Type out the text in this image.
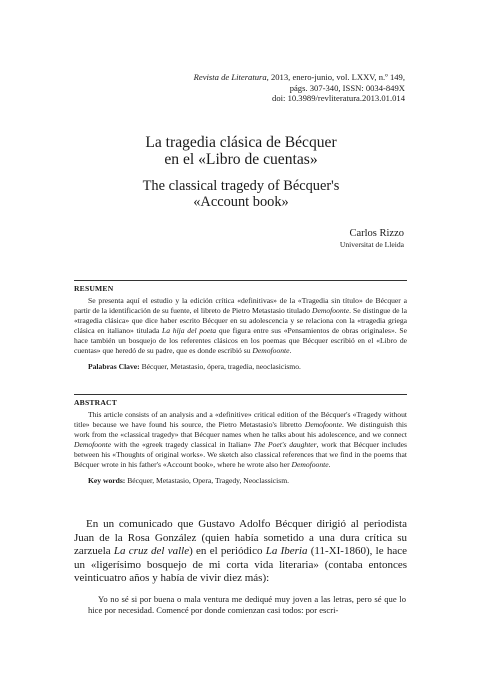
Revista de Literatura, 2013, enero-junio, vol. LXXV, n.º 149,
págs. 307-340, ISSN: 0034-849X
doi: 10.3989/revliteratura.2013.01.014
La tragedia clásica de Bécquer
en el «Libro de cuentas»
The classical tragedy of Bécquer's
«Account book»
Carlos Rizzo
Universitat de Lleida
RESUMEN

Se presenta aquí el estudio y la edición crítica «definitivas» de la «Tragedia sin título» de Bécquer a partir de la identificación de su fuente, el libreto de Pietro Metastasio titulado Demofoonte. Se distingue de la «tragedia clásica» que dice haber escrito Bécquer en su adolescencia y se relaciona con la «tragedia griega clásica en italiano» titulada La hija del poeta que figura entre sus «Pensamientos de obras originales». Se hace también un bosquejo de los referentes clásicos en los poemas que Bécquer escribió en el «Libro de cuentas» que heredó de su padre, que es donde escribió su Demofoonte.

Palabras Clave: Bécquer, Metastasio, ópera, tragedia, neoclasicismo.

ABSTRACT

This article consists of an analysis and a «definitive» critical edition of the Bécquer's «Tragedy without title» because we have found his source, the Pietro Metastasio's libretto Demofoonte. We distinguish this work from the «classical tragedy» that Bécquer names when he talks about his adolescence, and we connect Demofoonte with the «greek tragedy classical in Italian» The Poet's daughter, work that Bécquer includes between his «Thoughts of original works». We sketch also classical references that we find in the poems that Bécquer wrote in his father's «Account book», where he wrote also her Demofoonte.

Key words: Bécquer, Metastasio, Opera, Tragedy, Neoclassicism.

En un comunicado que Gustavo Adolfo Bécquer dirigió al periodista Juan de la Rosa González (quien había sometido a una dura crítica su zarzuela La cruz del valle) en el periódico La Iberia (11-XI-1860), le hace un «ligerísimo bosquejo de mi corta vida literaria» (contaba entonces veinticuatro años y había de vivir diez más):

Yo no sé si por buena o mala ventura me dediqué muy joven a las letras, pero sé que lo hice por necesidad. Comencé por donde comienzan casi todos: por escri-
